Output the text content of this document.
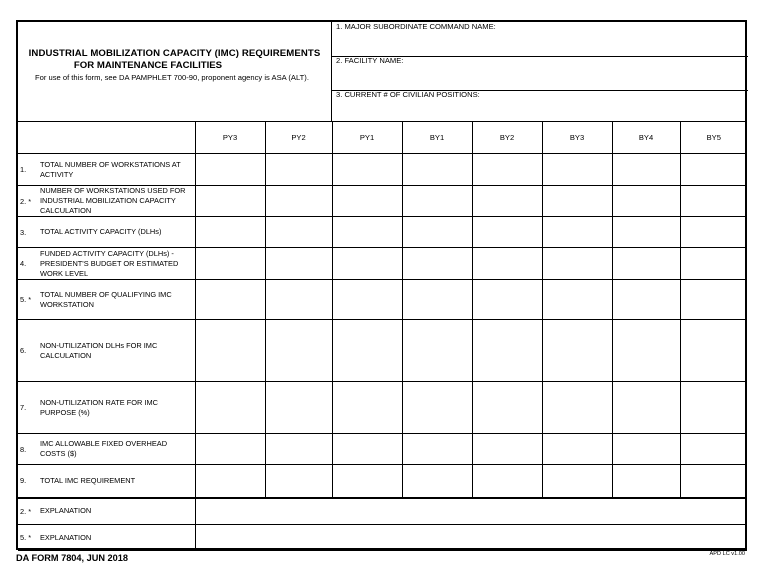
INDUSTRIAL MOBILIZATION CAPACITY (IMC) REQUIREMENTS
FOR MAINTENANCE FACILITIES
For use of this form, see DA PAMPHLET 700-90, proponent agency is ASA (ALT).
1. MAJOR SUBORDINATE COMMAND NAME:
2. FACILITY NAME:
3. CURRENT # OF CIVILIAN POSITIONS:
		PY3	PY2	PY1	BY1	BY2	BY3	BY4	BY5
1.	TOTAL NUMBER OF WORKSTATIONS AT ACTIVITY								
2. *	NUMBER OF WORKSTATIONS USED FOR INDUSTRIAL MOBILIZATION CAPACITY CALCULATION								
3.	TOTAL ACTIVITY CAPACITY (DLHs)								
4.	FUNDED ACTIVITY CAPACITY (DLHs) - PRESIDENT'S BUDGET OR ESTIMATED WORK LEVEL								
5. *	TOTAL NUMBER OF QUALIFYING IMC WORKSTATION								
6.	NON-UTILIZATION DLHs FOR IMC CALCULATION								
7.	NON-UTILIZATION RATE FOR IMC PURPOSE (%)								
8.	IMC ALLOWABLE FIXED OVERHEAD COSTS ($)								
9.	TOTAL IMC REQUIREMENT								
2. *	EXPLANATION								
5. *	EXPLANATION								
DA FORM 7804, JUN 2018	APD LC v1.00
